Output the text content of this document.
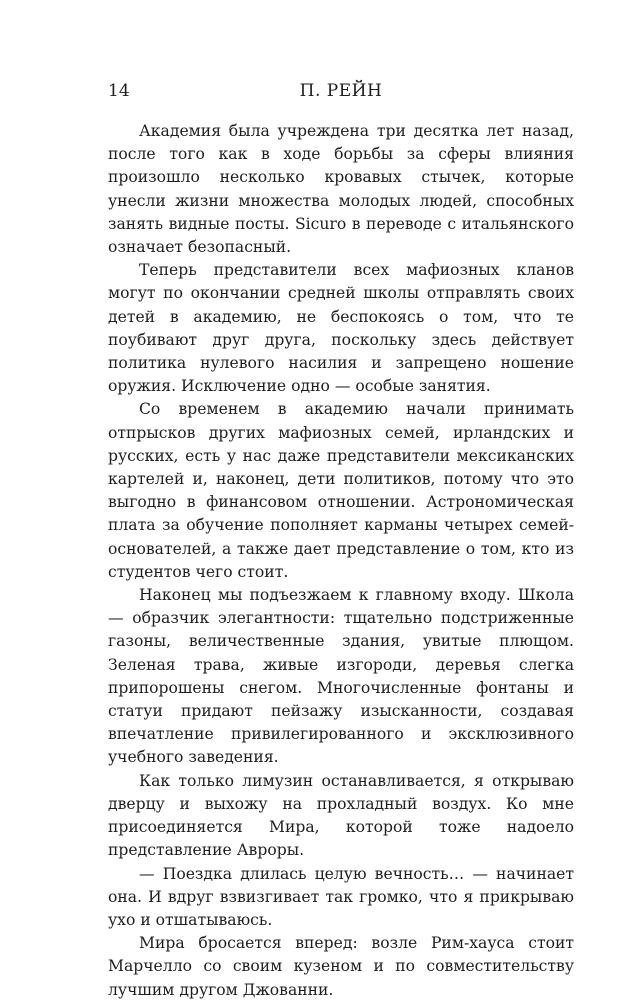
14	П. РЕЙН

Академия была учреждена три десятка лет назад, после того как в ходе борьбы за сферы влияния произошло несколько кровавых стычек, которые унесли жизни множества молодых людей, способных занять видные посты. Sicuro в переводе с итальянского означает безопасный.

Теперь представители всех мафиозных кланов могут по окончании средней школы отправлять своих детей в академию, не беспокоясь о том, что те поубивают друг друга, поскольку здесь действует политика нулевого насилия и запрещено ношение оружия. Исключение одно — особые занятия.

Со временем в академию начали принимать отпрысков других мафиозных семей, ирландских и русских, есть у нас даже представители мексиканских картелей и, наконец, дети политиков, потому что это выгодно в финансовом отношении. Астрономическая плата за обучение пополняет карманы четырех семей-основателей, а также дает представление о том, кто из студентов чего стоит.

Наконец мы подъезжаем к главному входу. Школа — образчик элегантности: тщательно подстриженные газоны, величественные здания, увитые плющом. Зеленая трава, живые изгороди, деревья слегка припорошены снегом. Многочисленные фонтаны и статуи придают пейзажу изысканности, создавая впечатление привилегированного и эксклюзивного учебного заведения.

Как только лимузин останавливается, я открываю дверцу и выхожу на прохладный воздух. Ко мне присоединяется Мира, которой тоже надоело представление Авроры.

— Поездка длилась целую вечность… — начинает она. И вдруг взвизгивает так громко, что я прикрываю ухо и отшатываюсь.

Мира бросается вперед: возле Рим-хауса стоит Марчелло со своим кузеном и по совместительству лучшим другом Джованни.
